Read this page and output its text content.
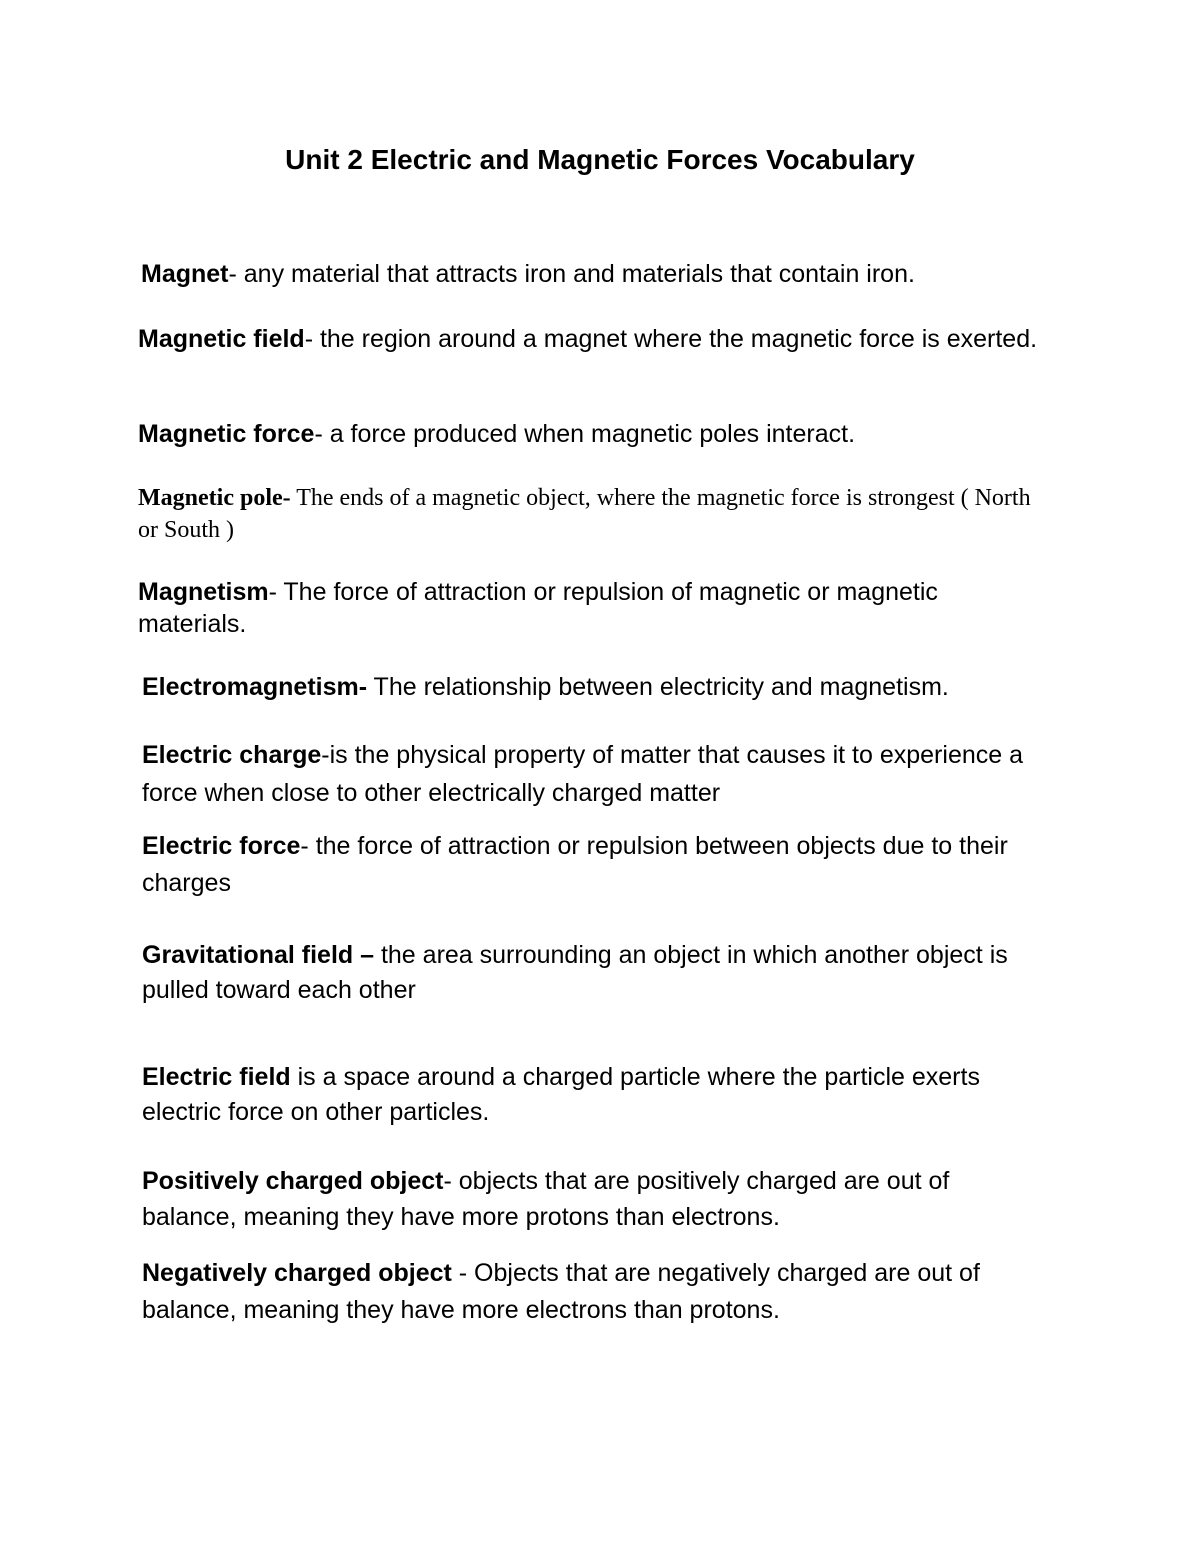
Unit 2 Electric and Magnetic Forces Vocabulary

Magnet- any material that attracts iron and materials that contain iron.

Magnetic field- the region around a magnet where the magnetic force is exerted.

Magnetic force- a force produced when magnetic poles interact.

Magnetic pole- The ends of a magnetic object, where the magnetic force is strongest ( North or South )

Magnetism- The force of attraction or repulsion of magnetic or magnetic materials.

Electromagnetism- The relationship between electricity and magnetism.

Electric charge-is the physical property of matter that causes it to experience a force when close to other electrically charged matter

Electric force- the force of attraction or repulsion between objects due to their charges

Gravitational field – the area surrounding an object in which another object is pulled toward each other

Electric field is a space around a charged particle where the particle exerts electric force on other particles.

Positively charged object- objects that are positively charged are out of balance, meaning they have more protons than electrons.

Negatively charged object - Objects that are negatively charged are out of balance, meaning they have more electrons than protons.
